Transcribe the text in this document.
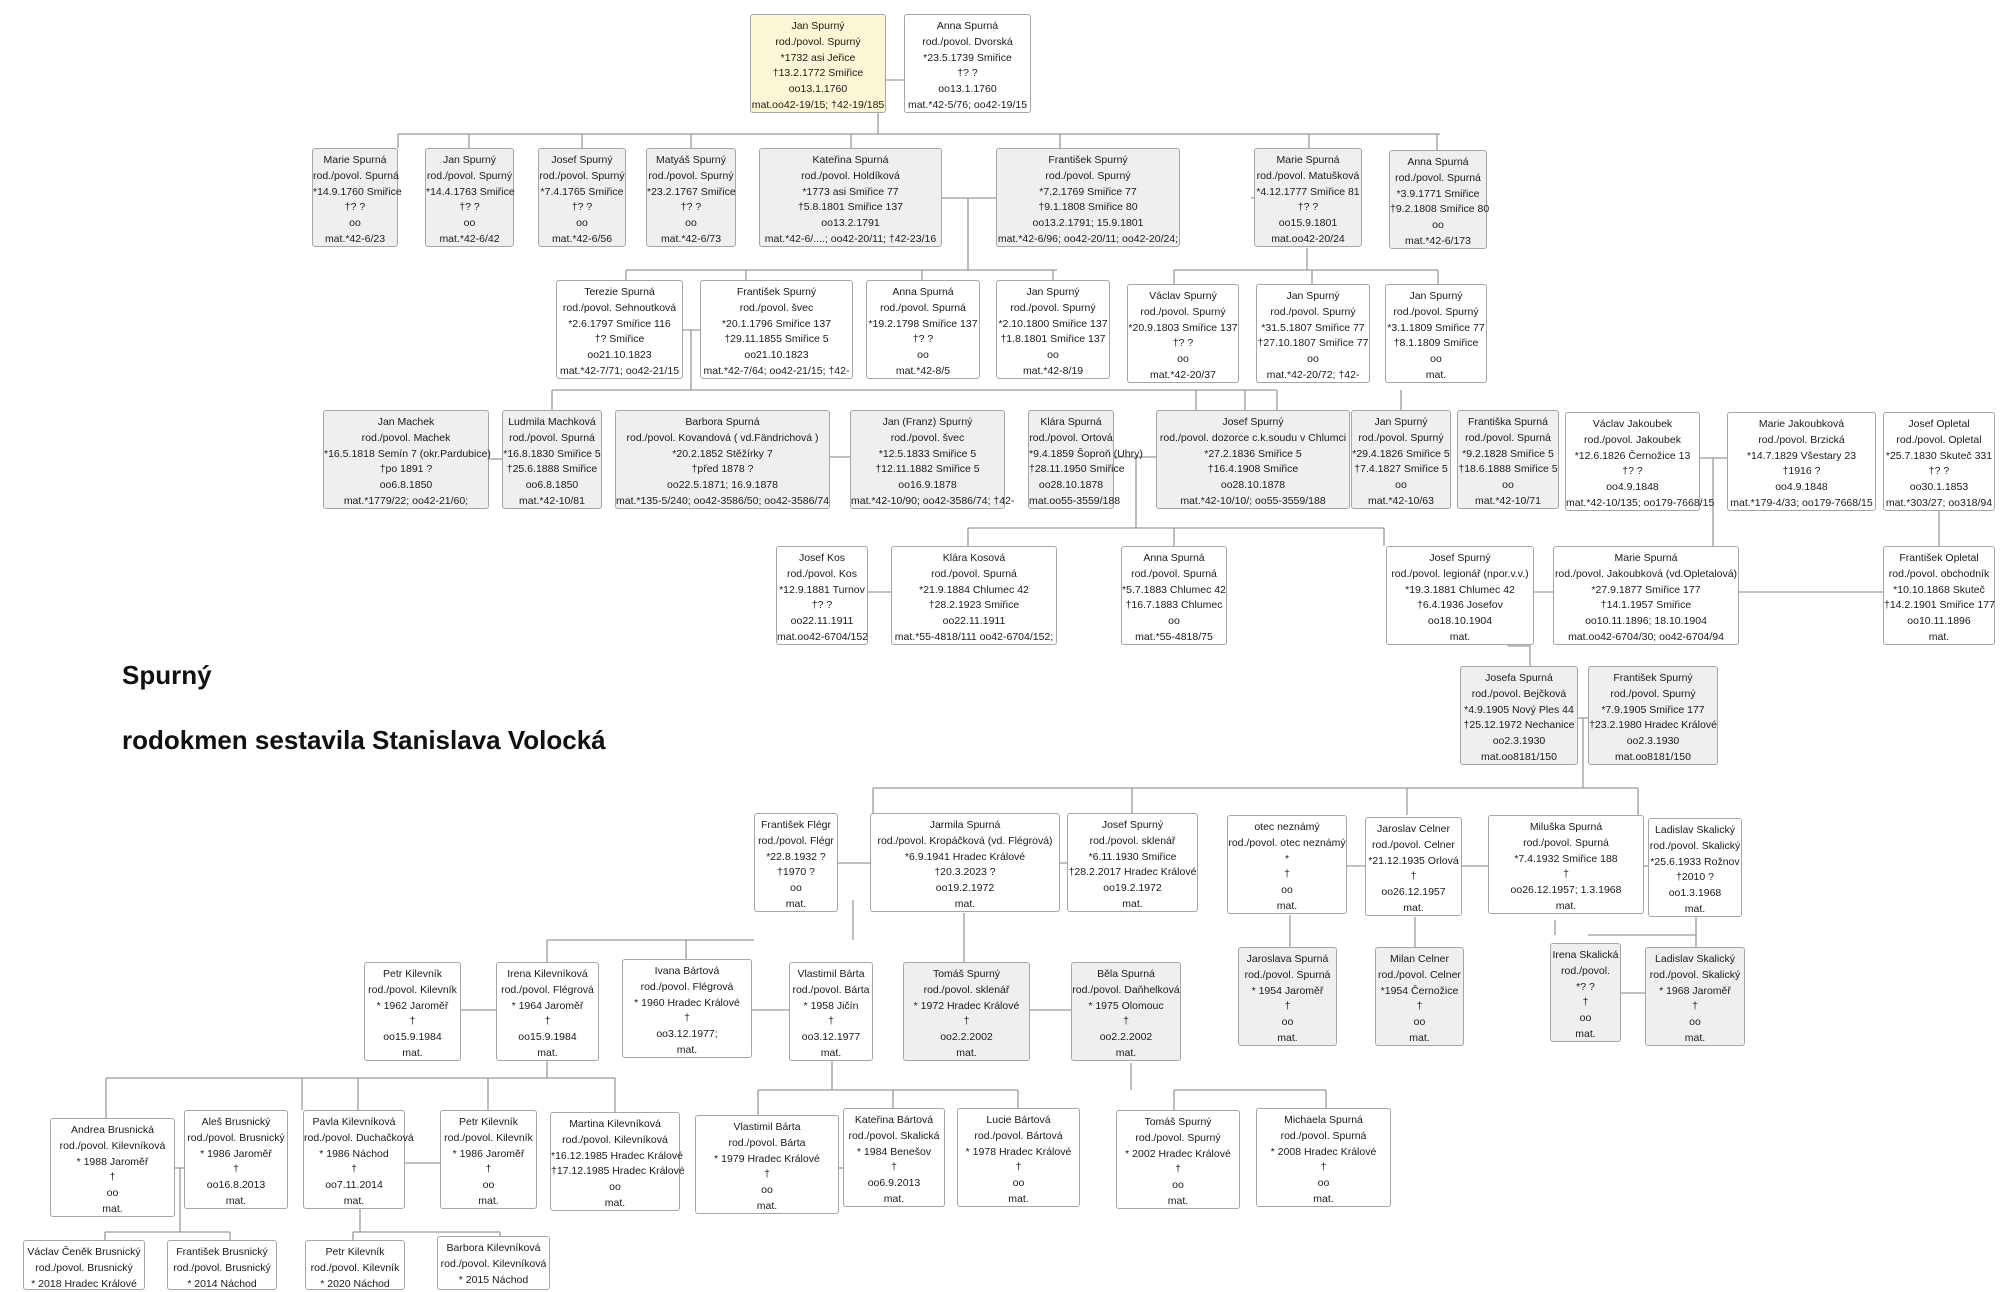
Spurný
rodokmen sestavila Stanislava Volocká
Jan Spurný
rod./povol. Spurný
*1732 asi Jeřice
†13.2.1772 Smiřice
oo13.1.1760
mat.oo42-19/15; †42-19/185
Anna Spurná
rod./povol. Dvorská
*23.5.1739 Smiřice
†? ?
oo13.1.1760
mat.*42-5/76; oo42-19/15
Marie Spurná
rod./povol. Spurná
*14.9.1760 Smiřice
†? ?
oo
mat.*42-6/23
Jan Spurný
rod./povol. Spurný
*14.4.1763 Smiřice
†? ?
oo
mat.*42-6/42
Josef Spurný
rod./povol. Spurný
*7.4.1765 Smiřice
†? ?
oo
mat.*42-6/56
Matyáš Spurný
rod./povol. Spurný
*23.2.1767 Smiřice
†? ?
oo
mat.*42-6/73
Kateřina Spurná
rod./povol. Holdíková
*1773 asi Smiřice 77
†5.8.1801 Smiřice 137
oo13.2.1791
mat.*42-6/....; oo42-20/11; †42-23/16
František Spurný
rod./povol. Spurný
*7.2.1769 Smiřice 77
†9.1.1808 Smiřice 80
oo13.2.1791; 15.9.1801
mat.*42-6/96; oo42-20/11; oo42-20/24;
Marie Spurná
rod./povol. Matušková
*4.12.1777 Smiřice 81
†? ?
oo15.9.1801
mat.oo42-20/24
Anna Spurná
rod./povol. Spurná
*3.9.1771 Smiřice
†9.2.1808 Smiřice 80
oo
mat.*42-6/173
Terezie Spurná
rod./povol. Sehnoutková
*2.6.1797 Smiřice 116
†? Smiřice
oo21.10.1823
mat.*42-7/71; oo42-21/15
František Spurný
rod./povol. švec
*20.1.1796 Smiřice 137
†29.11.1855 Smiřice 5
oo21.10.1823
mat.*42-7/64; oo42-21/15; †42-
Anna Spurná
rod./povol. Spurná
*19.2.1798 Smiřice 137
†? ?
oo
mat.*42-8/5
Jan Spurný
rod./povol. Spurný
*2.10.1800 Smiřice 137
†1.8.1801 Smiřice 137
oo
mat.*42-8/19
Václav Spurný
rod./povol. Spurný
*20.9.1803 Smiřice 137
†? ?
oo
mat.*42-20/37
Jan Spurný
rod./povol. Spurný
*31.5.1807 Smiřice 77
†27.10.1807 Smiřice 77
oo
mat.*42-20/72; †42-
Jan Spurný
rod./povol. Spurný
*3.1.1809 Smiřice 77
†8.1.1809 Smiřice
oo
mat.
Jan Machek
rod./povol. Machek
*16.5.1818 Semín 7 (okr.Pardubice)
†po 1891 ?
oo6.8.1850
mat.*1779/22; oo42-21/60;
Ludmila Machková
rod./povol. Spurná
*16.8.1830 Smiřice 5
†25.6.1888 Smiřice
oo6.8.1850
mat.*42-10/81
Barbora Spurná
rod./povol. Kovandová ( vd.Fändrichová )
*20.2.1852 Stěžírky 7
†před 1878 ?
oo22.5.1871; 16.9.1878
mat.*135-5/240; oo42-3586/50; oo42-3586/74
Jan (Franz) Spurný
rod./povol. švec
*12.5.1833 Smiřice 5
†12.11.1882 Smiřice 5
oo16.9.1878
mat.*42-10/90; oo42-3586/74; †42-
Klára Spurná
rod./povol. Ortová
*9.4.1859 Šoproň (Uhry)
†28.11.1950 Smiřice
oo28.10.1878
mat.oo55-3559/188
Josef Spurný
rod./povol. dozorce c.k.soudu v Chlumci
*27.2.1836 Smiřice 5
†16.4.1908 Smiřice
oo28.10.1878
mat.*42-10/10/; oo55-3559/188
Jan Spurný
rod./povol. Spurný
*29.4.1826 Smiřice 5
†7.4.1827 Smiřice 5
oo
mat.*42-10/63
Františka Spurná
rod./povol. Spurná
*9.2.1828 Smiřice 5
†18.6.1888 Smiřice 5
oo
mat.*42-10/71
Václav Jakoubek
rod./povol. Jakoubek
*12.6.1826 Černožice 13
†? ?
oo4.9.1848
mat.*42-10/135; oo179-7668/15
Marie Jakoubková
rod./povol. Brzická
*14.7.1829 Všestary 23
†1916 ?
oo4.9.1848
mat.*179-4/33; oo179-7668/15
Josef Opletal
rod./povol. Opletal
*25.7.1830 Skuteč 331
†? ?
oo30.1.1853
mat.*303/27; oo318/94
Josef Kos
rod./povol. Kos
*12.9.1881 Turnov
†? ?
oo22.11.1911
mat.oo42-6704/152
Klára Kosová
rod./povol. Spurná
*21.9.1884 Chlumec 42
†28.2.1923 Smiřice
oo22.11.1911
mat.*55-4818/111 oo42-6704/152;
Anna Spurná
rod./povol. Spurná
*5.7.1883 Chlumec 42
†16.7.1883 Chlumec
oo
mat.*55-4818/75
Josef Spurný
rod./povol. legionář (npor.v.v.)
*19.3.1881 Chlumec 42
†6.4.1936 Josefov
oo18.10.1904
mat.
Marie Spurná
rod./povol. Jakoubková (vd.Opletalová)
*27.9.1877 Smiřice 177
†14.1.1957 Smiřice
oo10.11.1896; 18.10.1904
mat.oo42-6704/30; oo42-6704/94
František Opletal
rod./povol. obchodník
*10.10.1868 Skuteč
†14.2.1901 Smiřice 177
oo10.11.1896
mat.
Josefa Spurná
rod./povol. Bejčková
*4.9.1905 Nový Ples 44
†25.12.1972 Nechanice
oo2.3.1930
mat.oo8181/150
František Spurný
rod./povol. Spurný
*7.9.1905 Smiřice 177
†23.2.1980 Hradec Králové
oo2.3.1930
mat.oo8181/150
František Flégr
rod./povol. Flégr
*22.8.1932 ?
†1970 ?
oo
mat.
Jarmila Spurná
rod./povol. Kropáčková (vd. Flégrová)
*6.9.1941 Hradec Králové
†20.3.2023 ?
oo19.2.1972
mat.
Josef Spurný
rod./povol. sklenář
*6.11.1930 Smiřice
†28.2.2017 Hradec Králové
oo19.2.1972
mat.
otec neznámý
rod./povol. otec neznámý
*
†
oo
mat.
Jaroslav Celner
rod./povol. Celner
*21.12.1935 Orlová
†
oo26.12.1957
mat.
Miluška Spurná
rod./povol. Spurná
*7.4.1932 Smiřice 188
†
oo26.12.1957; 1.3.1968
mat.
Ladislav Skalický
rod./povol. Skalický
*25.6.1933 Rožnov
†2010 ?
oo1.3.1968
mat.
Petr Kilevník
rod./povol. Kilevník
* 1962 Jaroměř
†
oo15.9.1984
mat.
Irena Kilevníková
rod./povol. Flégrová
* 1964 Jaroměř
†
oo15.9.1984
mat.
Ivana Bártová
rod./povol. Flégrová
* 1960 Hradec Králové
†
oo3.12.1977;
mat.
Vlastimil Bárta
rod./povol. Bárta
* 1958 Jičín
†
oo3.12.1977
mat.
Tomáš Spurný
rod./povol. sklenář
* 1972 Hradec Králové
†
oo2.2.2002
mat.
Běla Spurná
rod./povol. Daňhelková
* 1975 Olomouc
†
oo2.2.2002
mat.
Jaroslava Spurná
rod./povol. Spurná
* 1954 Jaroměř
†
oo
mat.
Milan Celner
rod./povol. Celner
*1954 Černožice
†
oo
mat.
Irena Skalická
rod./povol.
*? ?
†
oo
mat.
Ladislav Skalický
rod./povol. Skalický
* 1968 Jaroměř
†
oo
mat.
Andrea Brusnická
rod./povol. Kilevníková
* 1988 Jaroměř
†
oo
mat.
Aleš Brusnický
rod./povol. Brusnický
* 1986 Jaroměř
†
oo16.8.2013
mat.
Pavla Kilevníková
rod./povol. Duchačková
* 1986 Náchod
†
oo7.11.2014
mat.
Petr Kilevník
rod./povol. Kilevník
* 1986 Jaroměř
†
oo
mat.
Martina Kilevníková
rod./povol. Kilevníková
*16.12.1985 Hradec Králové
†17.12.1985 Hradec Králové
oo
mat.
Vlastimil Bárta
rod./povol. Bárta
* 1979 Hradec Králové
†
oo
mat.
Kateřina Bártová
rod./povol. Skalická
* 1984 Benešov
†
oo6.9.2013
mat.
Lucie Bártová
rod./povol. Bártová
* 1978 Hradec Králové
†
oo
mat.
Tomáš Spurný
rod./povol. Spurný
* 2002 Hradec Králové
†
oo
mat.
Michaela Spurná
rod./povol. Spurná
* 2008 Hradec Králové
†
oo
mat.
Václav Čeněk Brusnický
rod./povol. Brusnický
* 2018 Hradec Králové
František Brusnický
rod./povol. Brusnický
* 2014 Náchod
Petr Kilevník
rod./povol. Kilevník
* 2020 Náchod
Barbora Kilevníková
rod./povol. Kilevníková
* 2015 Náchod
